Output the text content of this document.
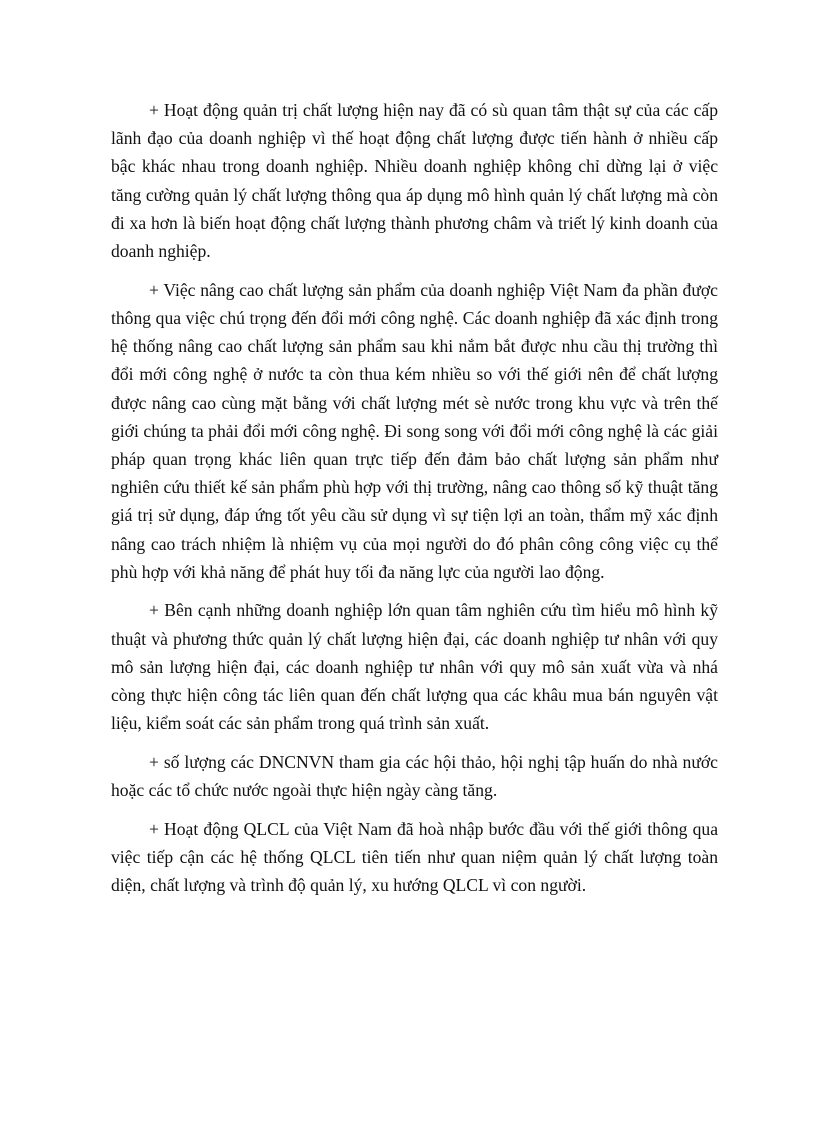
+ Hoạt động quản trị chất lượng hiện nay đã có sù quan tâm thật sự của các cấp lãnh đạo của doanh nghiệp vì thế hoạt động chất lượng được tiến hành ở nhiều cấp bậc khác nhau trong doanh nghiệp. Nhiều doanh nghiệp không chỉ dừng lại ở việc tăng cường quản lý chất lượng thông qua áp dụng mô hình quản lý chất lượng mà còn đi xa hơn là biến hoạt động chất lượng thành phương châm và triết lý kinh doanh của doanh nghiệp.

+ Việc nâng cao chất lượng sản phẩm của doanh nghiệp Việt Nam đa phần được thông qua việc chú trọng đến đổi mới công nghệ. Các doanh nghiệp đã xác định trong hệ thống nâng cao chất lượng sản phẩm sau khi nắm bắt được nhu cầu thị trường thì đổi mới công nghệ ở nước ta còn thua kém nhiều so với thế giới nên để chất lượng được nâng cao cùng mặt bằng với chất lượng mét sè nước trong khu vực và trên thế giới chúng ta phải đổi mới công nghệ. Đi song song với đổi mới công nghệ là các giải pháp quan trọng khác liên quan trực tiếp đến đảm bảo chất lượng sản phẩm như nghiên cứu thiết kế sản phẩm phù hợp với thị trường, nâng cao thông số kỹ thuật tăng giá trị sử dụng, đáp ứng tốt yêu cầu sử dụng vì sự tiện lợi an toàn, thẩm mỹ xác định nâng cao trách nhiệm là nhiệm vụ của mọi người do đó phân công công việc cụ thể phù hợp với khả năng để phát huy tối đa năng lực của người lao động.

+ Bên cạnh những doanh nghiệp lớn quan tâm nghiên cứu tìm hiểu mô hình kỹ thuật và phương thức quản lý chất lượng hiện đại, các doanh nghiệp tư nhân với quy mô sản lượng hiện đại, các doanh nghiệp tư nhân với quy mô sản xuất vừa và nhá còng thực hiện công tác liên quan đến chất lượng qua các khâu mua bán nguyên vật liệu, kiểm soát các sản phẩm trong quá trình sản xuất.

+ số lượng các DNCNVN tham gia các hội thảo, hội nghị tập huấn do nhà nước hoặc các tổ chức nước ngoài thực hiện ngày càng tăng.

+ Hoạt động QLCL của Việt Nam đã hoà nhập bước đầu với thế giới thông qua việc tiếp cận các hệ thống QLCL tiên tiến như quan niệm quản lý chất lượng toàn diện, chất lượng và trình độ quản lý, xu hướng QLCL vì con người.
